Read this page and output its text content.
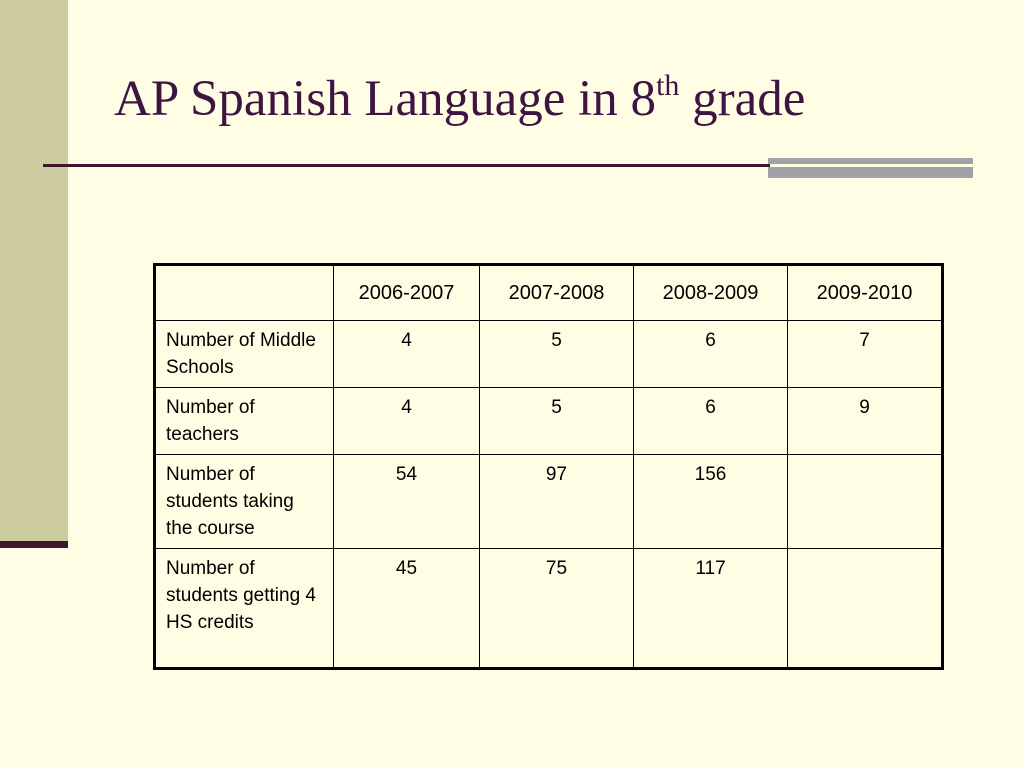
AP Spanish Language in 8th grade
	2006-2007	2007-2008	2008-2009	2009-2010
Number of Middle Schools	4	5	6	7
Number of teachers	4	5	6	9
Number of students taking the course	54	97	156	
Number of students getting 4 HS credits	45	75	117	
